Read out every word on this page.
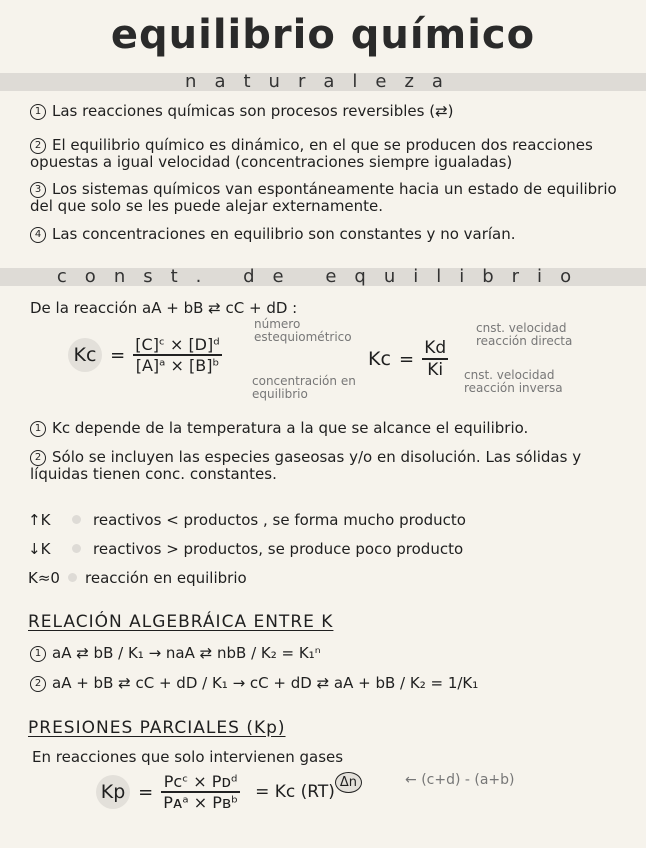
equilibrio químico
naturaleza
1 Las reacciones químicas son procesos reversibles (⇄)
2 El equilibrio químico es dinámico, en el que se producen dos reacciones opuestas a igual velocidad (concentraciones siempre igualadas)
3 Los sistemas químicos van espontáneamente hacia un estado de equilibrio del que solo se les puede alejar externamente.
4 Las concentraciones en equilibrio son constantes y no varían.
const. de equilibrio
De la reacción aA + bB ⇄ cC + dD :
$Kc = \frac{\text{[C]ᶜ × [D]ᵈ}}{\text{[A]ᵃ × [B]ᵇ}}$
número estequiométrico
concentración en equilibrio
$Kc = \frac{Kd}{Ki}$
cnst. velocidad reacción directa
cnst. velocidad reacción inversa
1 Kc depende de la temperatura a la que se alcance el equilibrio.
2 Sólo se incluyen las especies gaseosas y/o en disolución. Las sólidas y líquidas tienen conc. constantes.
↑K	reactivos < productos , se forma mucho producto
↓K	reactivos > productos, se produce poco producto
K≈0 reacción en equilibrio
RELACIÓN ALGEBRÁICA ENTRE K
1 aA ⇄ bB / K₁ → naA ⇄ nbB / K₂ = K₁ⁿ
2 aA + bB ⇄ cC + dD / K₁ → cC + dD ⇄ aA + bB / K₂ = 1/K₁
PRESIONES PARCIALES (Kp)
En reacciones que solo intervienen gases
$Kp = \frac{\text{Pᴄᶜ × Pᴅᵈ}}{\text{Pᴀᵃ × Pʙᵇ}} = Kc$ (RT) Δn	← (c+d) - (a+b)
